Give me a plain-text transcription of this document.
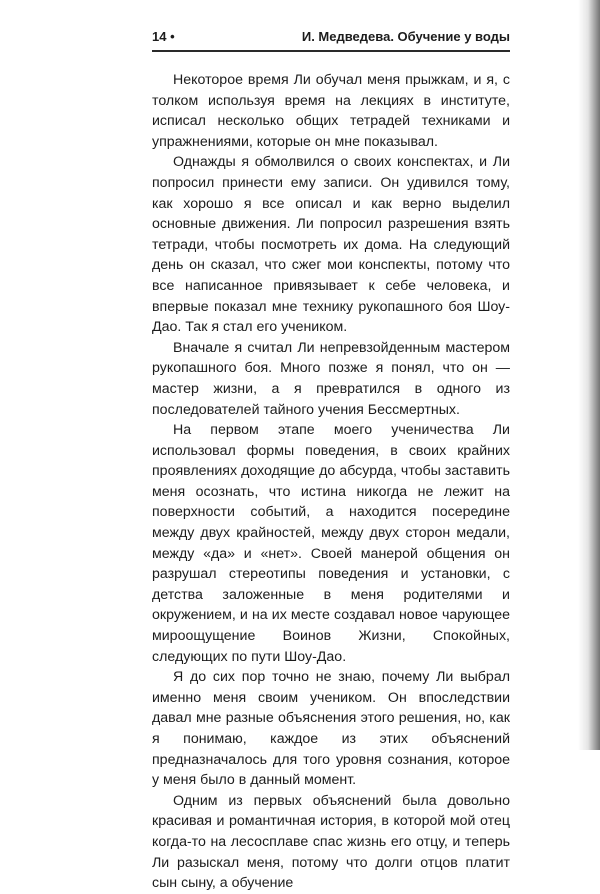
14 •	И. Медведева. Обучение у воды

Некоторое время Ли обучал меня прыжкам, и я, с толком используя время на лекциях в институте, исписал несколько общих тетрадей техниками и упражнениями, которые он мне показывал.

Однажды я обмолвился о своих конспектах, и Ли попросил принести ему записи. Он удивился тому, как хорошо я все описал и как верно выделил основные движения. Ли попросил разрешения взять тетради, чтобы посмотреть их дома. На следующий день он сказал, что сжег мои конспекты, потому что все написанное привязывает к себе человека, и впервые показал мне технику рукопашного боя Шоу-Дао. Так я стал его учеником.

Вначале я считал Ли непревзойденным мастером рукопашного боя. Много позже я понял, что он — мастер жизни, а я превратился в одного из последователей тайного учения Бессмертных.

На первом этапе моего ученичества Ли использовал формы поведения, в своих крайних проявлениях доходящие до абсурда, чтобы заставить меня осознать, что истина никогда не лежит на поверхности событий, а находится посередине между двух крайностей, между двух сторон медали, между «да» и «нет». Своей манерой общения он разрушал стереотипы поведения и установки, с детства заложенные в меня родителями и окружением, и на их месте создавал новое чарующее мироощущение Воинов Жизни, Спокойных, следующих по пути Шоу-Дао.

Я до сих пор точно не знаю, почему Ли выбрал именно меня своим учеником. Он впоследствии давал мне разные объяснения этого решения, но, как я понимаю, каждое из этих объяснений предназначалось для того уровня сознания, которое у меня было в данный момент.

Одним из первых объяснений была довольно красивая и романтичная история, в которой мой отец когда-то на лесосплаве спас жизнь его отцу, и теперь Ли разыскал меня, потому что долги отцов платит сын сыну, а обучение
